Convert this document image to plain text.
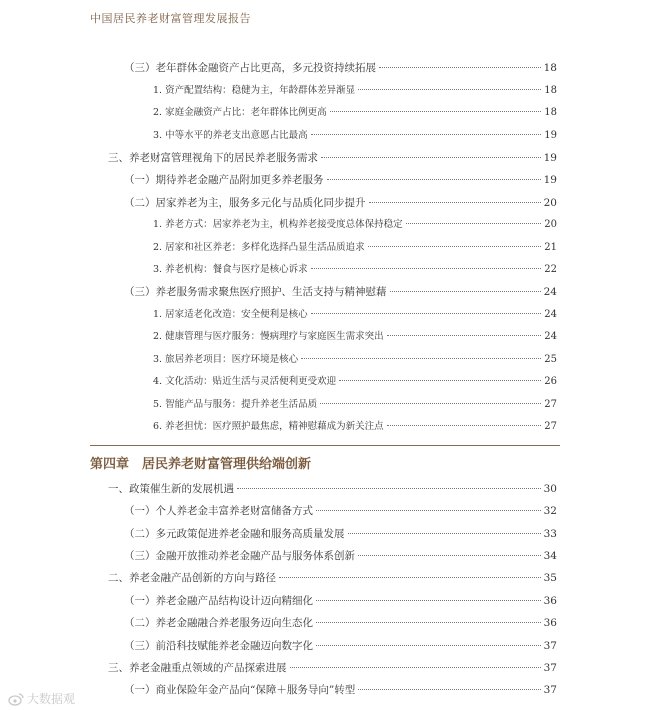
中国居民养老财富管理发展报告
（三）老年群体金融资产占比更高，多元投资持续拓展	18
1. 资产配置结构：稳健为主，年龄群体差异渐显	18
2. 家庭金融资产占比：老年群体比例更高	18
3. 中等水平的养老支出意愿占比最高	19
三、养老财富管理视角下的居民养老服务需求	19
（一）期待养老金融产品附加更多养老服务	19
（二）居家养老为主，服务多元化与品质化同步提升	20
1. 养老方式：居家养老为主，机构养老接受度总体保持稳定	20
2. 居家和社区养老：多样化选择凸显生活品质追求	21
3. 养老机构：餐食与医疗是核心诉求	22
（三）养老服务需求聚焦医疗照护、生活支持与精神慰藉	24
1. 居家适老化改造：安全便利是核心	24
2. 健康管理与医疗服务：慢病理疗与家庭医生需求突出	24
3. 旅居养老项目：医疗环境是核心	25
4. 文化活动：贴近生活与灵活便利更受欢迎	26
5. 智能产品与服务：提升养老生活品质	27
6. 养老担忧：医疗照护最焦虑，精神慰藉成为新关注点	27
第四章　居民养老财富管理供给端创新
一、政策催生新的发展机遇	30
（一）个人养老金丰富养老财富储备方式	32
（二）多元政策促进养老金融和服务高质量发展	33
（三）金融开放推动养老金融产品与服务体系创新	34
二、养老金融产品创新的方向与路径	35
（一）养老金融产品结构设计迈向精细化	36
（二）养老金融融合养老服务迈向生态化	36
（三）前沿科技赋能养老金融迈向数字化	37
三、养老金融重点领域的产品探索进展	37
（一）商业保险年金产品向“保障＋服务导向”转型	37
大数据观
